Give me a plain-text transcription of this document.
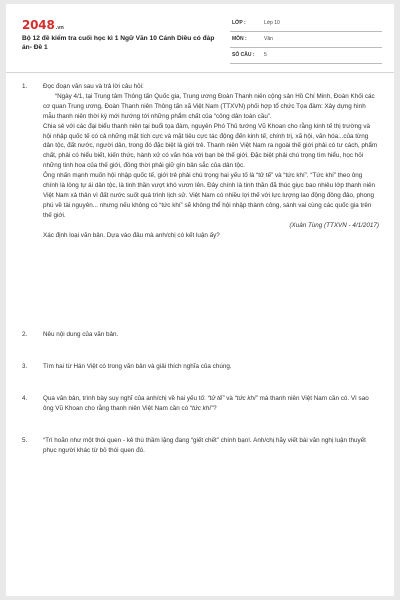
2048.vn
Bộ 12 đề kiểm tra cuối học kì 1 Ngữ Văn 10 Cánh Diều có đáp án- Đề 1
LỚP :	Lớp 10
MÔN :	Văn
SỐ CÂU : 5
1. Đọc đoạn văn sau và trả lời câu hỏi:

“Ngày 4/1, tại Trung tâm Thông tấn Quốc gia, Trung ương Đoàn Thanh niên cộng sản Hồ Chí Minh, Đoàn Khối các cơ quan Trung ương, Đoàn Thanh niên Thông tấn xã Việt Nam (TTXVN) phối hợp tổ chức Tọa đàm: Xây dựng hình mẫu thanh niên thời kỳ mới hướng tới những phẩm chất của “công dân toàn cầu”.

Chia sẻ với các đại biểu thanh niên tại buổi tọa đàm, nguyên Phó Thủ tướng Vũ Khoan cho rằng kinh tế thị trường và hội nhập quốc tế có cả những mặt tích cực và mặt tiêu cực tác động đến kinh tế, chính trị, xã hội, văn hóa...của từng dân tộc, đất nước, người dân, trong đó đặc biệt là giới trẻ. Thanh niên Việt Nam ra ngoài thế giới phải có tư cách, phẩm chất, phải có hiểu biết, kiến thức, hành xử có văn hóa với bạn bè thế giới. Đặc biệt phải chú trọng tìm hiểu, học hỏi những tinh hoa của thế giới, đồng thời phải giữ gìn bản sắc của dân tộc.

Ông nhấn mạnh muốn hội nhập quốc tế, giới trẻ phải chú trọng hai yếu tố là “tử tế” và “tức khí”. “Tức khí” theo ông chính là lòng tự ái dân tộc, là tinh thần vượt khó vươn lên. Đây chính là tinh thần đã thúc giục bao nhiêu lớp thanh niên Việt Nam xả thân vì đất nước suốt quá trình lịch sử. Việt Nam có nhiều lợi thế với lực lượng lao động đông đảo, phong phú về tài nguyên... nhưng nếu không có “tức khí” sẽ không thể hội nhập thành công, sánh vai cùng các quốc gia trên thế giới.

(Xuân Tùng (TTXVN - 4/1/2017)

Xác định loại văn bản. Dựa vào đâu mà anh/chị có kết luận ấy?

2. Nêu nội dung của văn bản.
3. Tìm hai từ Hán Việt có trong văn bản và giải thích nghĩa của chúng.
4. Qua văn bản, trình bày suy nghĩ của anh/chị về hai yếu tố: “tử tế” và “tức khí” mà thanh niên Việt Nam cần có. Vì sao ông Vũ Khoan cho rằng thanh niên Việt Nam cần có “tức khí”?
5. “Trì hoãn như một thói quen - kẻ thù thầm lặng đang “giết chết” chính bạn!. Anh/chị hãy viết bài văn nghị luận thuyết phục người khác từ bỏ thói quen đó.
